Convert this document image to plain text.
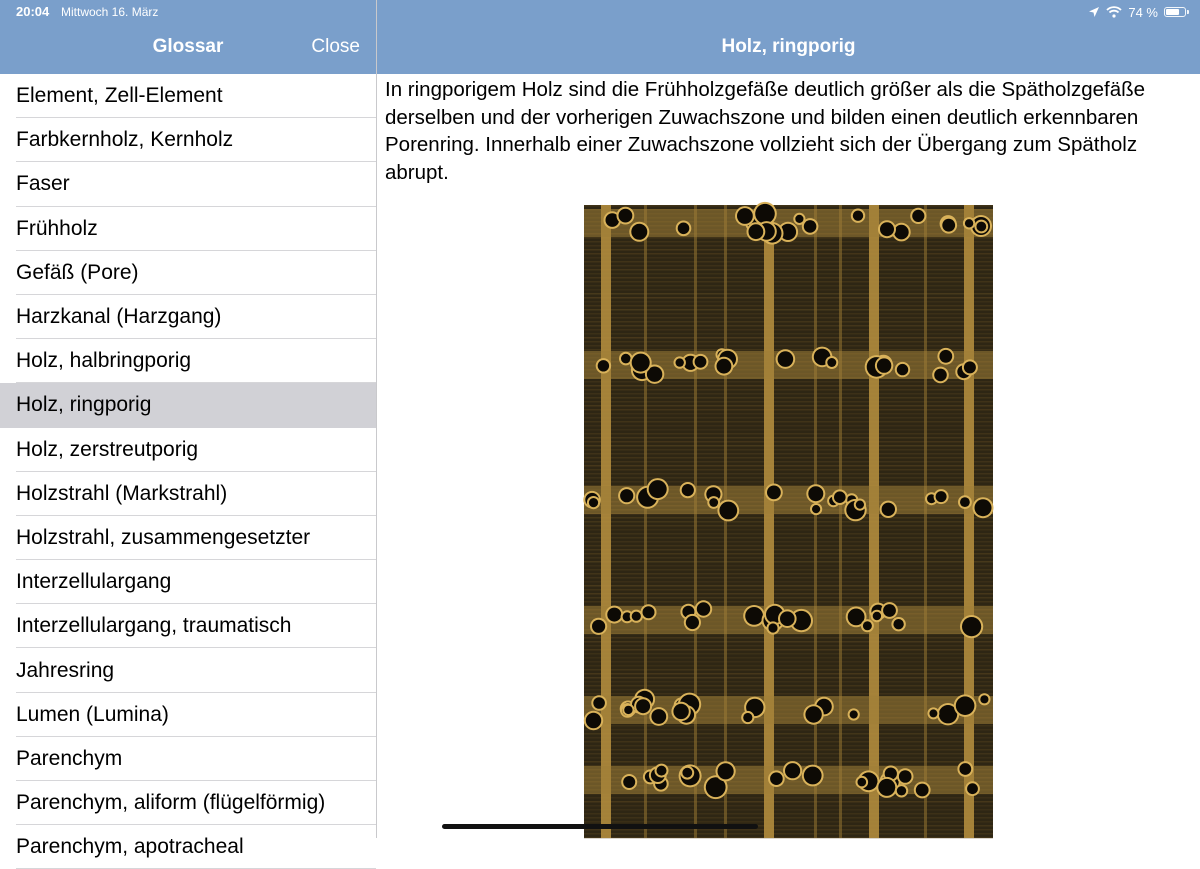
20:04 Mittwoch 16. März	74 %
Glossar	Close	Holz, ringporig
Element, Zell-Element
Farbkernholz, Kernholz
Faser
Frühholz
Gefäß (Pore)
Harzkanal (Harzgang)
Holz, halbringporig
Holz, ringporig
Holz, zerstreutporig
Holzstrahl (Markstrahl)
Holzstrahl, zusammengesetzter
Interzellulargang
Interzellulargang, traumatisch
Jahresring
Lumen (Lumina)
Parenchym
Parenchym, aliform (flügelförmig)
Parenchym, apotracheal
In ringporigem Holz sind die Frühholzgefäße deutlich größer als die Spätholzgefäße derselben und der vorherigen Zuwachszone und bilden einen deutlich erkennbaren Porenring. Innerhalb einer Zuwachszone vollzieht sich der Übergang zum Spätholz abrupt.
